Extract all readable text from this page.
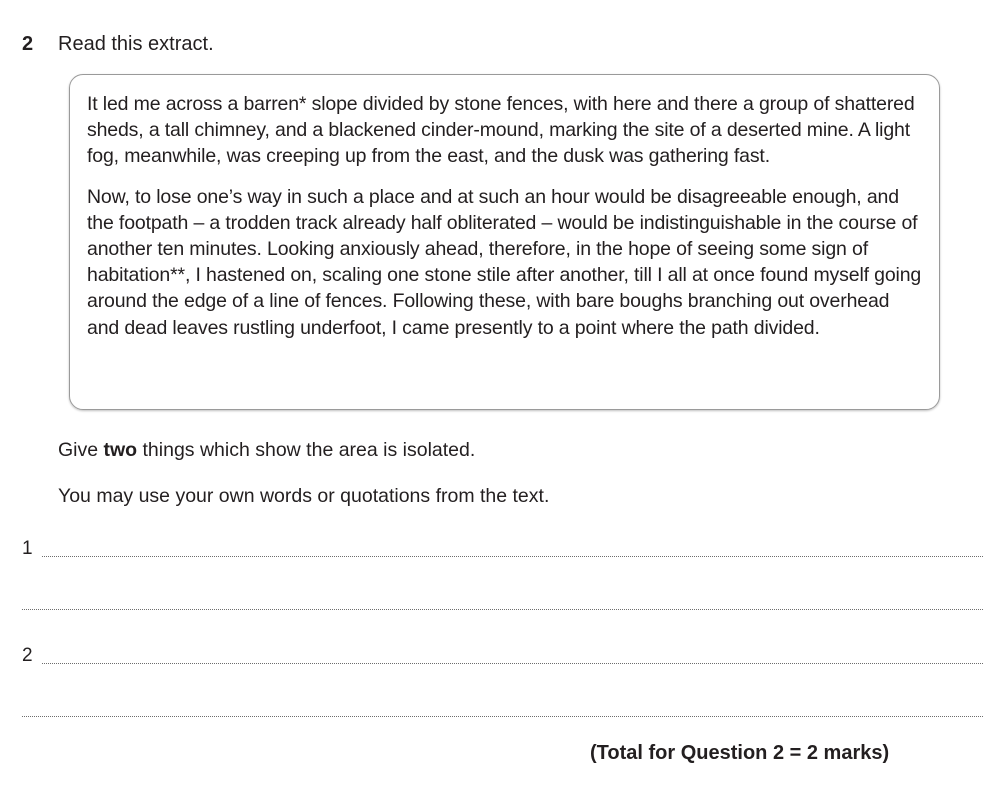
2	Read this extract.

It led me across a barren* slope divided by stone fences, with here and there a group of shattered sheds, a tall chimney, and a blackened cinder-mound, marking the site of a deserted mine. A light fog, meanwhile, was creeping up from the east, and the dusk was gathering fast.

Now, to lose one’s way in such a place and at such an hour would be disagreeable enough, and the footpath – a trodden track already half obliterated – would be indistinguishable in the course of another ten minutes. Looking anxiously ahead, therefore, in the hope of seeing some sign of habitation**, I hastened on, scaling one stone stile after another, till I all at once found myself going around the edge of a line of fences. Following these, with bare boughs branching out overhead and dead leaves rustling underfoot, I came presently to a point where the path divided.

Give two things which show the area is isolated.
You may use your own words or quotations from the text.
1
2
(Total for Question 2 = 2 marks)
